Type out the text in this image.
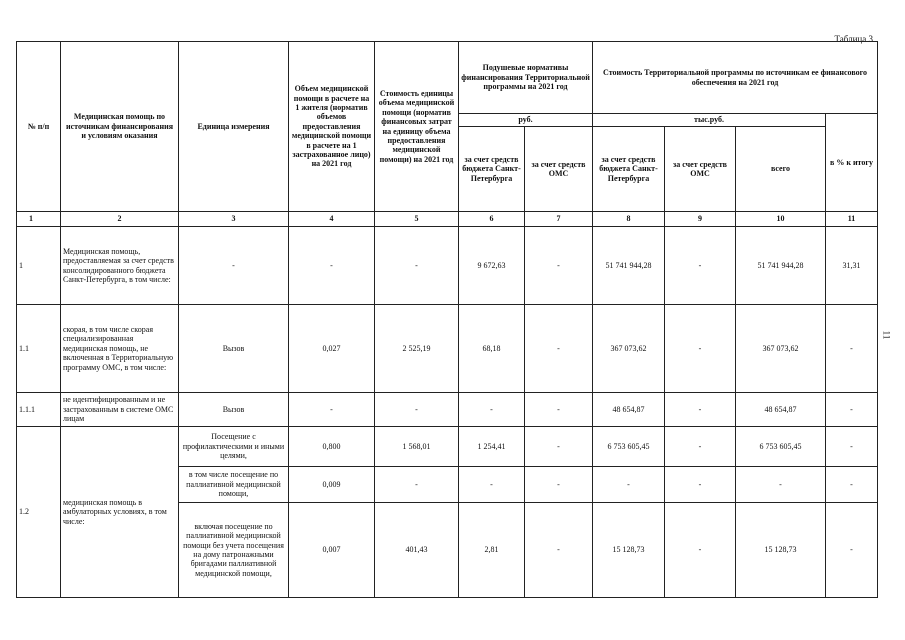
Таблица 3
11
№ п/п	Медицинская помощь по источникам финансирования и условиям оказания	Единица измерения	Объем медицинской помощи в расчете на 1 жителя (норматив объемов предоставления медицинской помощи в расчете на 1 застрахованное лицо) на 2021 год	Стоимость единицы объема медицинской помощи (норматив финансовых затрат на единицу объема предоставления медицинской помощи) на 2021 год	Подушевые нормативы финансирования Территориальной программы на 2021 год		Стоимость Территориальной программы по источникам ее финансового обеспечения на 2021 год			
					руб.		тыс.руб.			в % к итогу
					за счет средств бюджета Санкт-Петербурга	за счет средств ОМС	за счет средств бюджета Санкт-Петербурга	за счет средств ОМС	всего	
1	2	3	4	5	6	7	8	9	10	11
1	Медицинская помощь, предоставляемая за счет средств консолидированного бюджета Санкт-Петербурга, в том числе:	-	-	-	9 672,63	-	51 741 944,28	-	51 741 944,28	31,31
1.1	скорая, в том числе скорая специализированная медицинская помощь, не включенная в Территориальную программу ОМС, в том числе:	Вызов	0,027	2 525,19	68,18	-	367 073,62	-	367 073,62	-
1.1.1	не идентифицированным и не застрахованным в системе ОМС лицам	Вызов	-	-	-	-	48 654,87	-	48 654,87	-
1.2	медицинская помощь в амбулаторных условиях, в том числе:	Посещение с профилактическими и иными целями,	0,800	1 568,01	1 254,41	-	6 753 605,45	-	6 753 605,45	-
		в том числе посещение по паллиативной медицинской помощи,	0,009	-	-	-	-	-	-	-
		включая посещение по паллиативной медицинской помощи без учета посещения на дому патронажными бригадами паллиативной медицинской помощи,	0,007	401,43	2,81	-	15 128,73	-	15 128,73	-
